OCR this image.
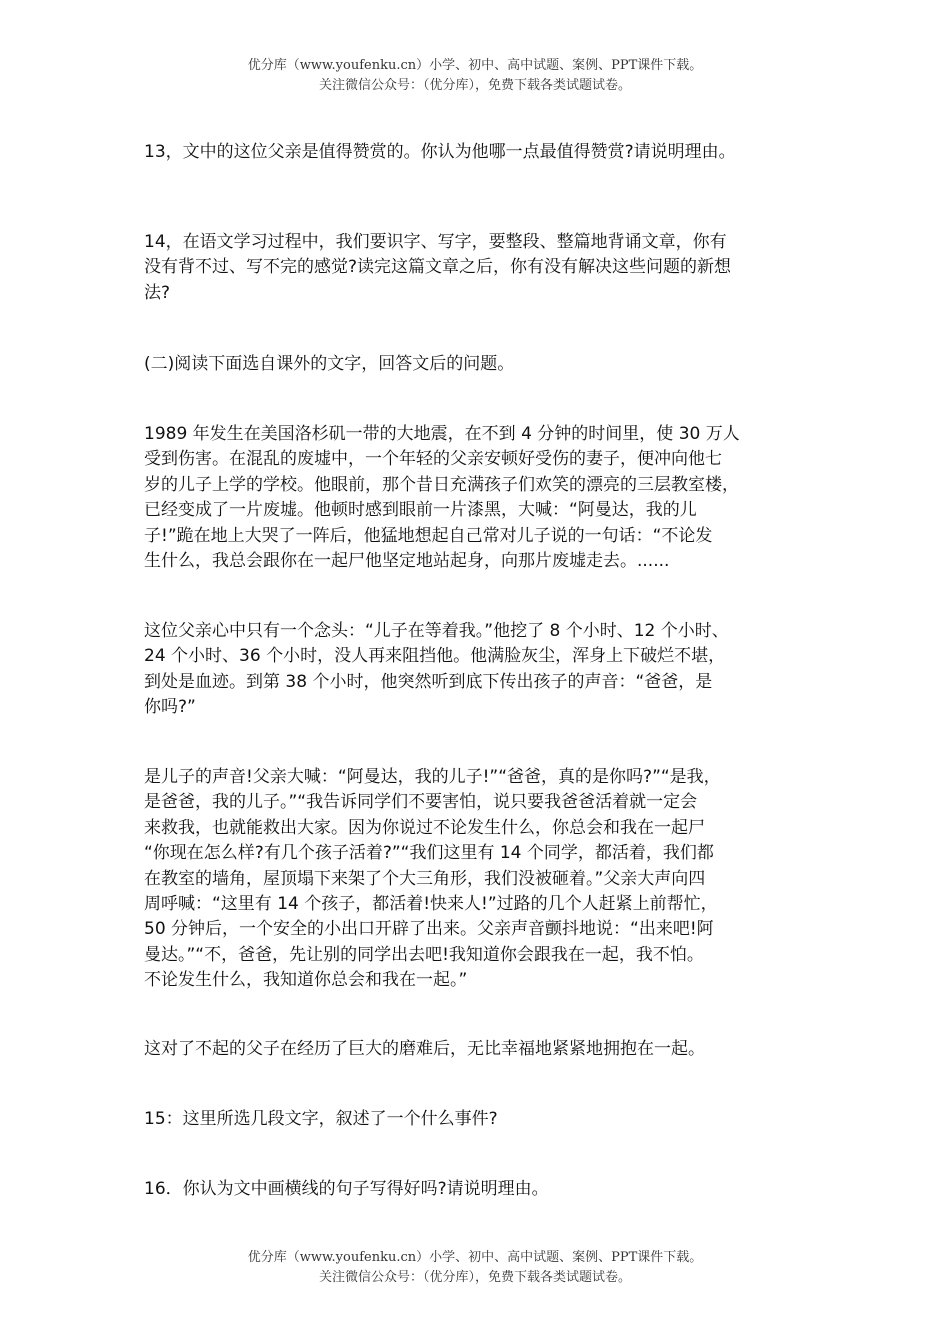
优分库（www.youfenku.cn）小学、初中、高中试题、案例、PPT课件下载。
关注微信公众号：（优分库），免费下载各类试题试卷。
13，文中的这位父亲是值得赞赏的。你认为他哪一点最值得赞赏?请说明理由。
14，在语文学习过程中，我们要识字、写字，要整段、整篇地背诵文章，你有
没有背不过、写不完的感觉?读完这篇文章之后，你有没有解决这些问题的新想
法?
(二)阅读下面选自课外的文字，回答文后的问题。
1989 年发生在美国洛杉矶一带的大地震，在不到 4 分钟的时间里，使 30 万人
受到伤害。在混乱的废墟中，一个年轻的父亲安顿好受伤的妻子，便冲向他七
岁的儿子上学的学校。他眼前，那个昔日充满孩子们欢笑的漂亮的三层教室楼，
已经变成了一片废墟。他顿时感到眼前一片漆黑，大喊：“阿曼达，我的儿
子!”跪在地上大哭了一阵后，他猛地想起自己常对儿子说的一句话：“不论发
生什么，我总会跟你在一起尸他坚定地站起身，向那片废墟走去。......
这位父亲心中只有一个念头：“儿子在等着我。”他挖了 8 个小时、12 个小时、
24 个小时、36 个小时，没人再来阻挡他。他满脸灰尘，浑身上下破烂不堪，
到处是血迹。到第 38 个小时，他突然听到底下传出孩子的声音：“爸爸，是
你吗?”
是儿子的声音!父亲大喊：“阿曼达，我的儿子!”“爸爸，真的是你吗?”“是我，
是爸爸，我的儿子。”“我告诉同学们不要害怕，说只要我爸爸活着就一定会
来救我，也就能救出大家。因为你说过不论发生什么，你总会和我在一起尸
“你现在怎么样?有几个孩子活着?”“我们这里有 14 个同学，都活着，我们都
在教室的墙角，屋顶塌下来架了个大三角形，我们没被砸着。”父亲大声向四
周呼喊：“这里有 14 个孩子，都活着!快来人!”过路的几个人赶紧上前帮忙，
50 分钟后，一个安全的小出口开辟了出来。父亲声音颤抖地说：“出来吧!阿
曼达。”“不，爸爸，先让别的同学出去吧!我知道你会跟我在一起，我不怕。
不论发生什么，我知道你总会和我在一起。”
这对了不起的父子在经历了巨大的磨难后，无比幸福地紧紧地拥抱在一起。
15：这里所选几段文字，叙述了一个什么事件?
16．你认为文中画横线的句子写得好吗?请说明理由。
优分库（www.youfenku.cn）小学、初中、高中试题、案例、PPT课件下载。
关注微信公众号：（优分库），免费下载各类试题试卷。
